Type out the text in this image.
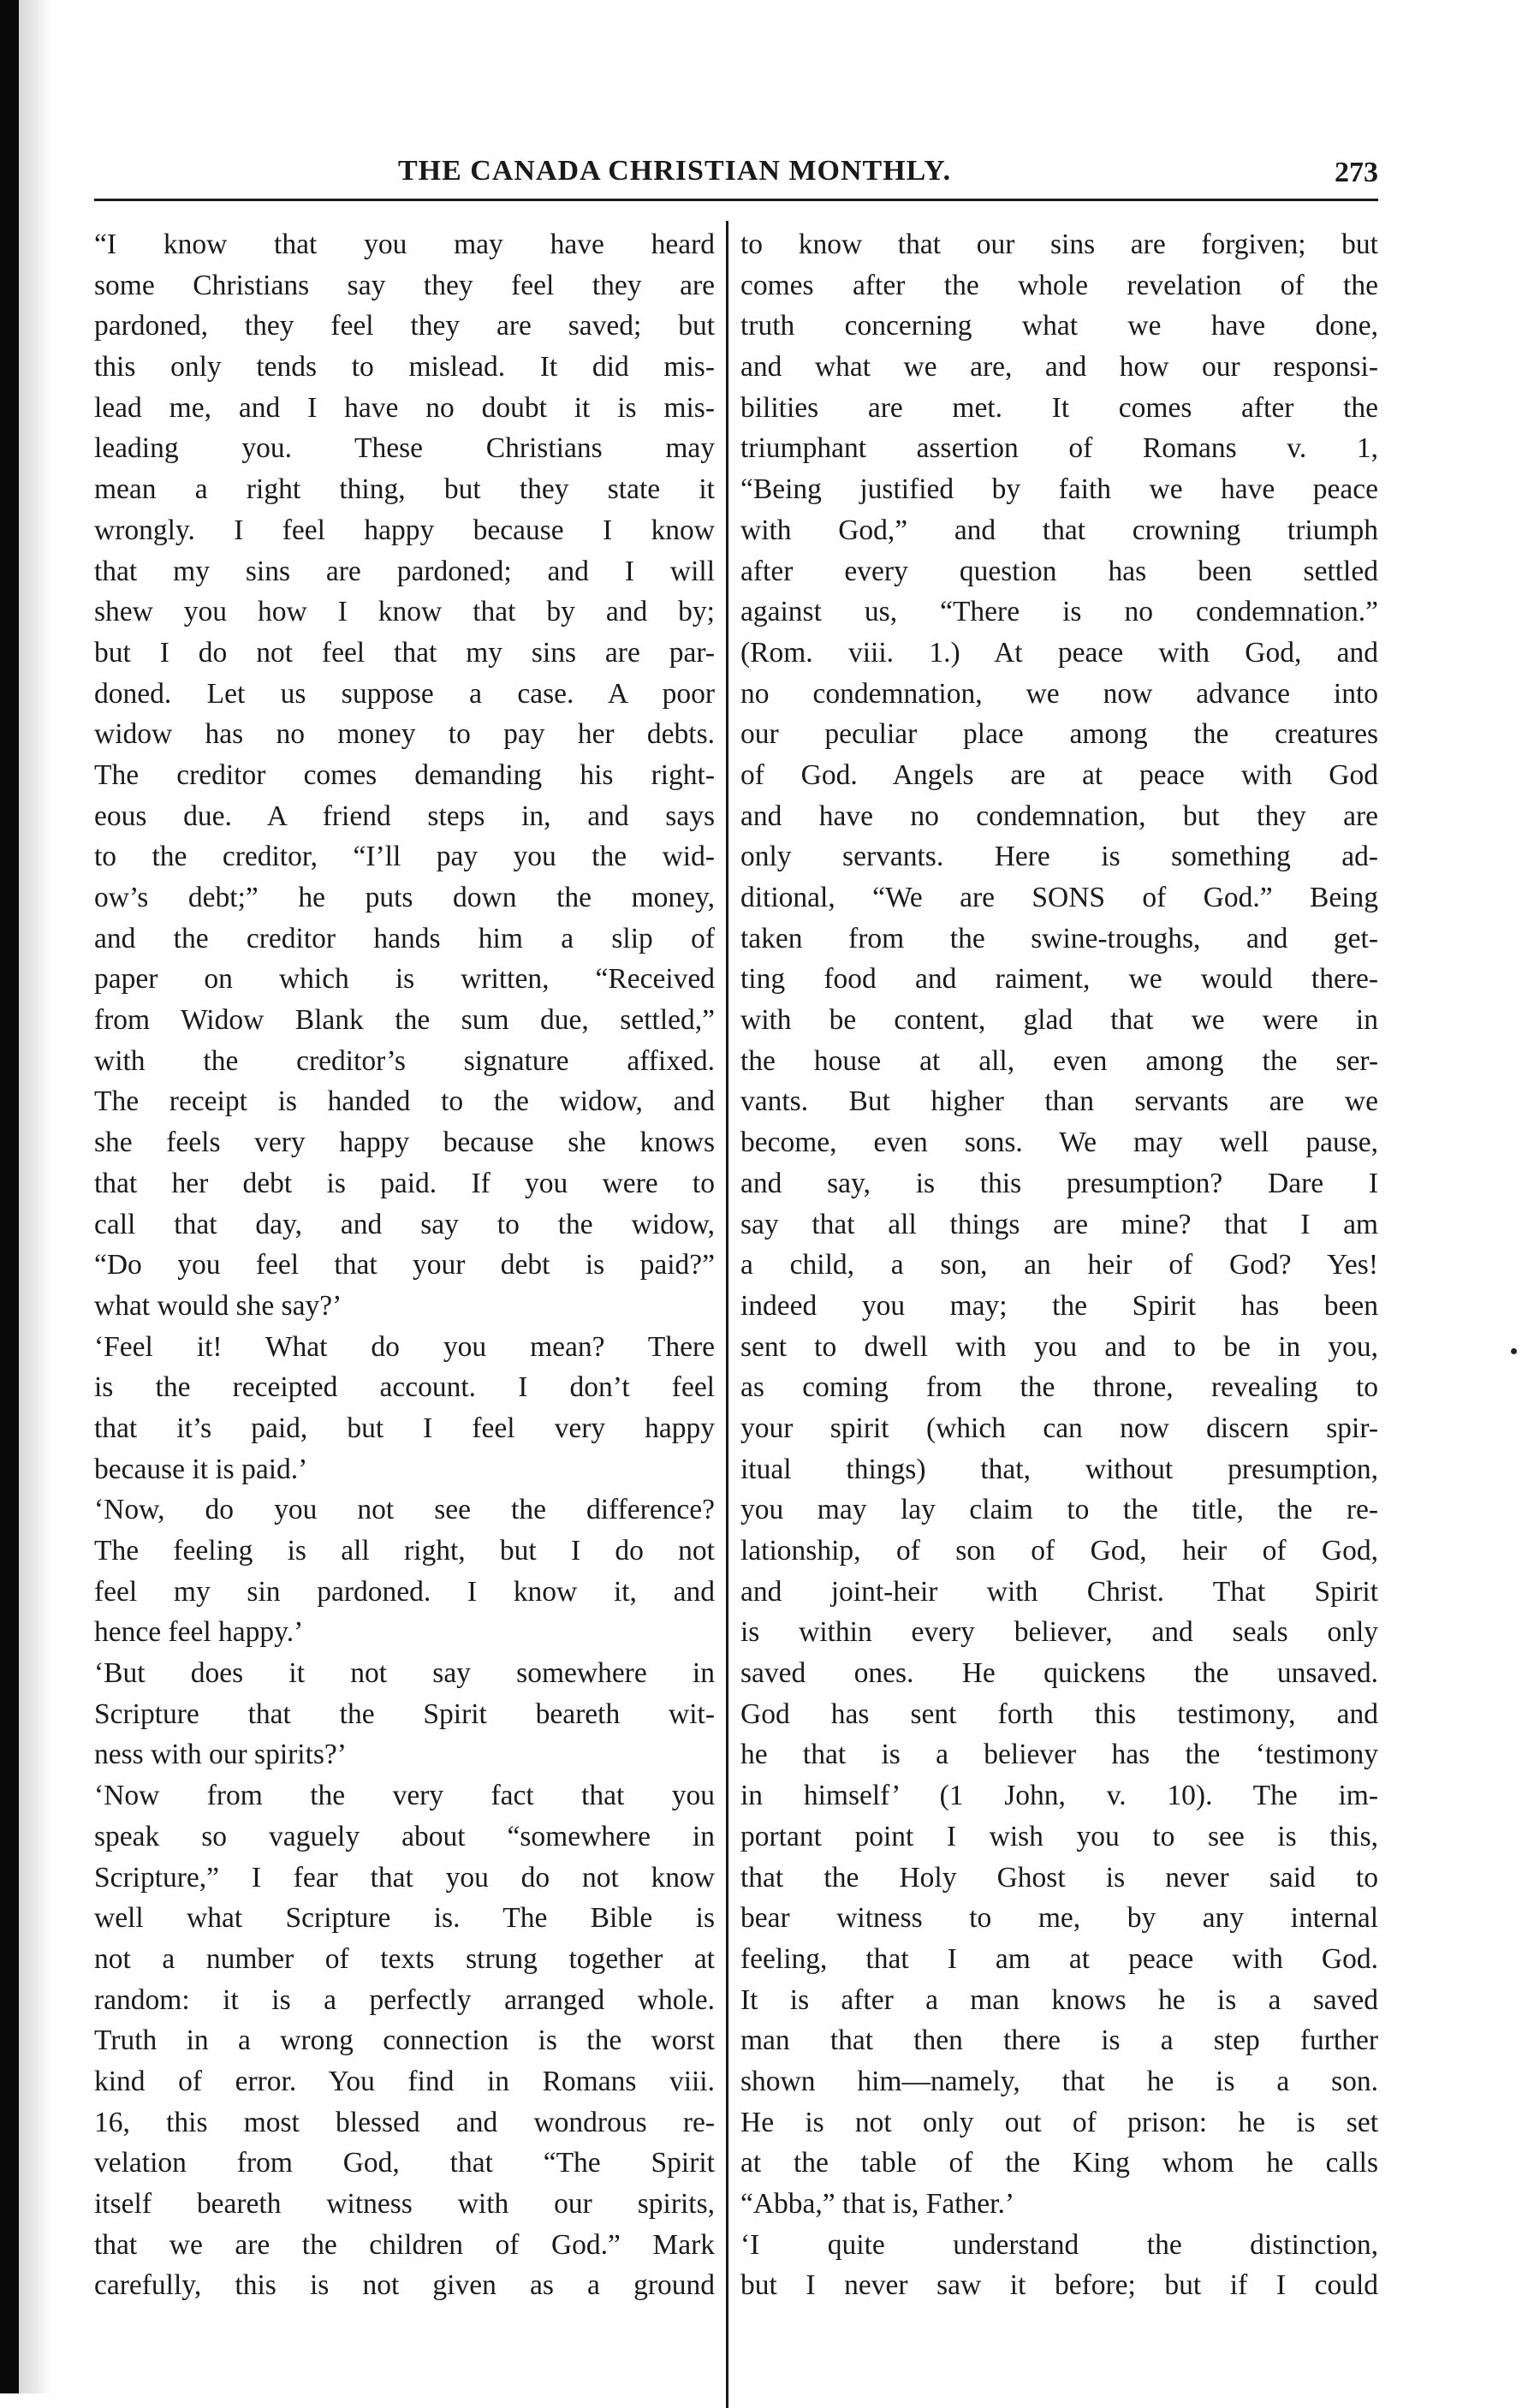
THE CANADA CHRISTIAN MONTHLY.	273
“I know that you may have heard
some Christians say they feel they are
pardoned, they feel they are saved; but
this only tends to mislead. It did mis-
lead me, and I have no doubt it is mis-
leading you. These Christians may
mean a right thing, but they state it
wrongly. I feel happy because I know
that my sins are pardoned; and I will
shew you how I know that by and by;
but I do not feel that my sins are par-
doned. Let us suppose a case. A poor
widow has no money to pay her debts.
The creditor comes demanding his right-
eous due. A friend steps in, and says
to the creditor, “I’ll pay you the wid-
ow’s debt;” he puts down the money,
and the creditor hands him a slip of
paper on which is written, “Received
from Widow Blank the sum due, settled,”
with the creditor’s signature affixed.
The receipt is handed to the widow, and
she feels very happy because she knows
that her debt is paid. If you were to
call that day, and say to the widow,
“Do you feel that your debt is paid?”
what would she say?’
‘Feel it! What do you mean? There
is the receipted account. I don’t feel
that it’s paid, but I feel very happy
because it is paid.’
‘Now, do you not see the difference?
The feeling is all right, but I do not
feel my sin pardoned. I know it, and
hence feel happy.’
‘But does it not say somewhere in
Scripture that the Spirit beareth wit-
ness with our spirits?’
‘Now from the very fact that you
speak so vaguely about “somewhere in
Scripture,” I fear that you do not know
well what Scripture is. The Bible is
not a number of texts strung together at
random: it is a perfectly arranged whole.
Truth in a wrong connection is the worst
kind of error. You find in Romans viii.
16, this most blessed and wondrous re-
velation from God, that “The Spirit
itself beareth witness with our spirits,
that we are the children of God.” Mark
carefully, this is not given as a ground
to know that our sins are forgiven; but
comes after the whole revelation of the
truth concerning what we have done,
and what we are, and how our responsi-
bilities are met. It comes after the
triumphant assertion of Romans v. 1,
“Being justified by faith we have peace
with God,” and that crowning triumph
after every question has been settled
against us, “There is no condemnation.”
(Rom. viii. 1.) At peace with God, and
no condemnation, we now advance into
our peculiar place among the creatures
of God. Angels are at peace with God
and have no condemnation, but they are
only servants. Here is something ad-
ditional, “We are SONS of God.” Being
taken from the swine-troughs, and get-
ting food and raiment, we would there-
with be content, glad that we were in
the house at all, even among the ser-
vants. But higher than servants are we
become, even sons. We may well pause,
and say, is this presumption? Dare I
say that all things are mine? that I am
a child, a son, an heir of God? Yes!
indeed you may; the Spirit has been
sent to dwell with you and to be in you,
as coming from the throne, revealing to
your spirit (which can now discern spir-
itual things) that, without presumption,
you may lay claim to the title, the re-
lationship, of son of God, heir of God,
and joint-heir with Christ. That Spirit
is within every believer, and seals only
saved ones. He quickens the unsaved.
God has sent forth this testimony, and
he that is a believer has the ‘testimony
in himself’ (1 John, v. 10). The im-
portant point I wish you to see is this,
that the Holy Ghost is never said to
bear witness to me, by any internal
feeling, that I am at peace with God.
It is after a man knows he is a saved
man that then there is a step further
shown him—namely, that he is a son.
He is not only out of prison: he is set
at the table of the King whom he calls
“Abba,” that is, Father.’
‘I quite understand the distinction,
but I never saw it before; but if I could
